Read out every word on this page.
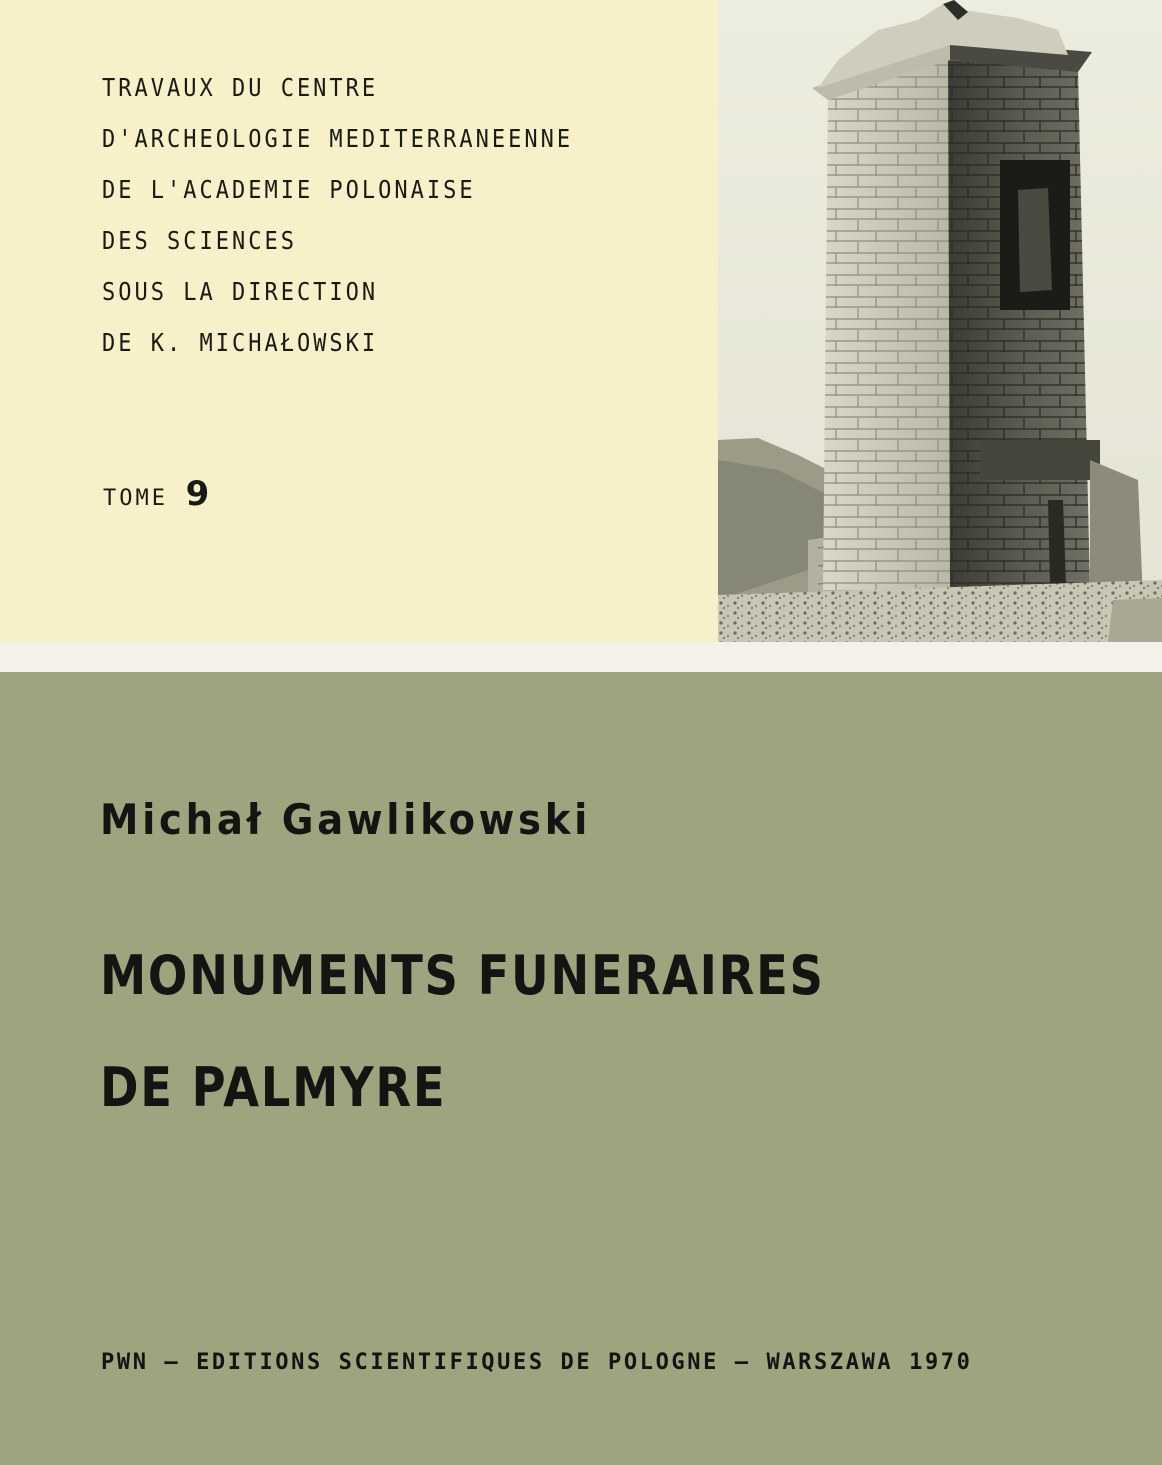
TRAVAUX DU CENTRE
D'ARCHEOLOGIE MEDITERRANEENNE
DE L'ACADEMIE POLONAISE
DES SCIENCES
SOUS LA DIRECTION
DE K. MICHAŁOWSKI
TOME 9
Michał Gawlikowski
MONUMENTS FUNERAIRES
DE PALMYRE
PWN – EDITIONS SCIENTIFIQUES DE POLOGNE – WARSZAWA 1970
